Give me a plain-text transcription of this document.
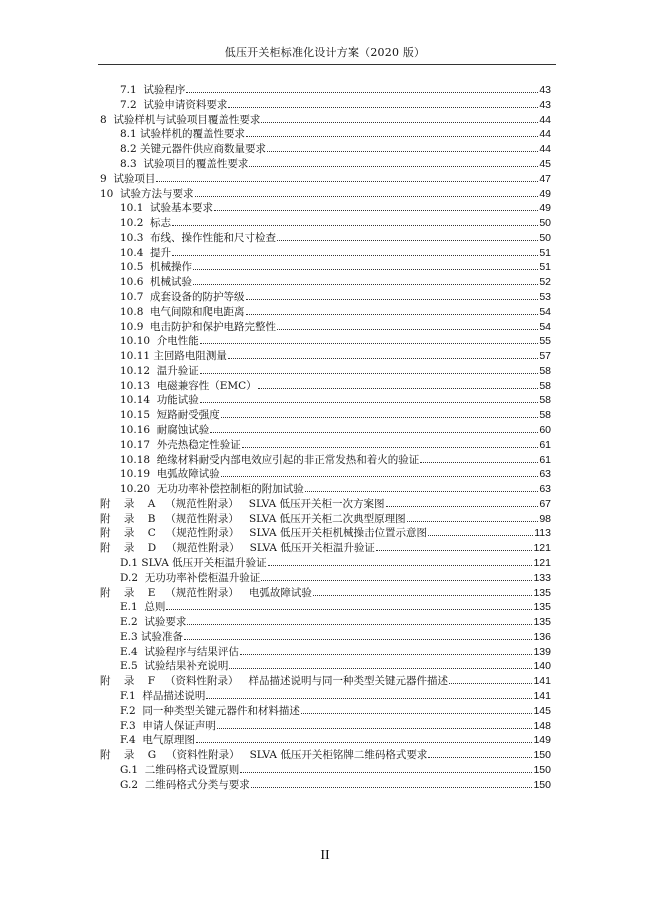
低压开关柜标准化设计方案（2020 版）
7.1  试验程序	43
7.2  试验申请资料要求	43
8  试验样机与试验项目覆盖性要求	44
8.1 试验样机的覆盖性要求	44
8.2 关键元器件供应商数量要求	44
8.3  试验项目的覆盖性要求	45
9  试验项目	47
10  试验方法与要求	49
10.1  试验基本要求	49
10.2  标志	50
10.3  布线、操作性能和尺寸检查	50
10.4  提升	51
10.5  机械操作	51
10.6  机械试验	52
10.7  成套设备的防护等级	53
10.8  电气间隙和爬电距离	54
10.9  电击防护和保护电路完整性	54
10.10  介电性能	55
10.11 主回路电阻测量	57
10.12  温升验证	58
10.13  电磁兼容性（EMC）	58
10.14  功能试验	58
10.15  短路耐受强度	58
10.16  耐腐蚀试验	60
10.17  外壳热稳定性验证	61
10.18  绝缘材料耐受内部电效应引起的非正常发热和着火的验证	61
10.19  电弧故障试验	63
10.20  无功功率补偿控制柜的附加试验	63
附    录    A   （规范性附录）   SLVA 低压开关柜一次方案图	67
附    录    B   （规范性附录）   SLVA 低压开关柜二次典型原理图	98
附    录    C   （规范性附录）   SLVA 低压开关柜机械操击位置示意图	113
附    录    D   （规范性附录）   SLVA 低压开关柜温升验证	121
D.1 SLVA 低压开关柜温升验证	121
D.2  无功功率补偿柜温升验证	133
附    录    E   （规范性附录）   电弧故障试验	135
E.1  总则	135
E.2  试验要求	135
E.3 试验准备	136
E.4  试验程序与结果评估	139
E.5  试验结果补充说明	140
附    录    F   （资料性附录）   样品描述说明与同一种类型关键元器件描述	141
F.1  样品描述说明	141
F.2  同一种类型关键元器件和材料描述	145
F.3  申请人保证声明	148
F.4  电气原理图	149
附    录    G   （资料性附录）   SLVA 低压开关柜铭牌二维码格式要求	150
G.1  二维码格式设置原则	150
G.2  二维码格式分类与要求	150
II
